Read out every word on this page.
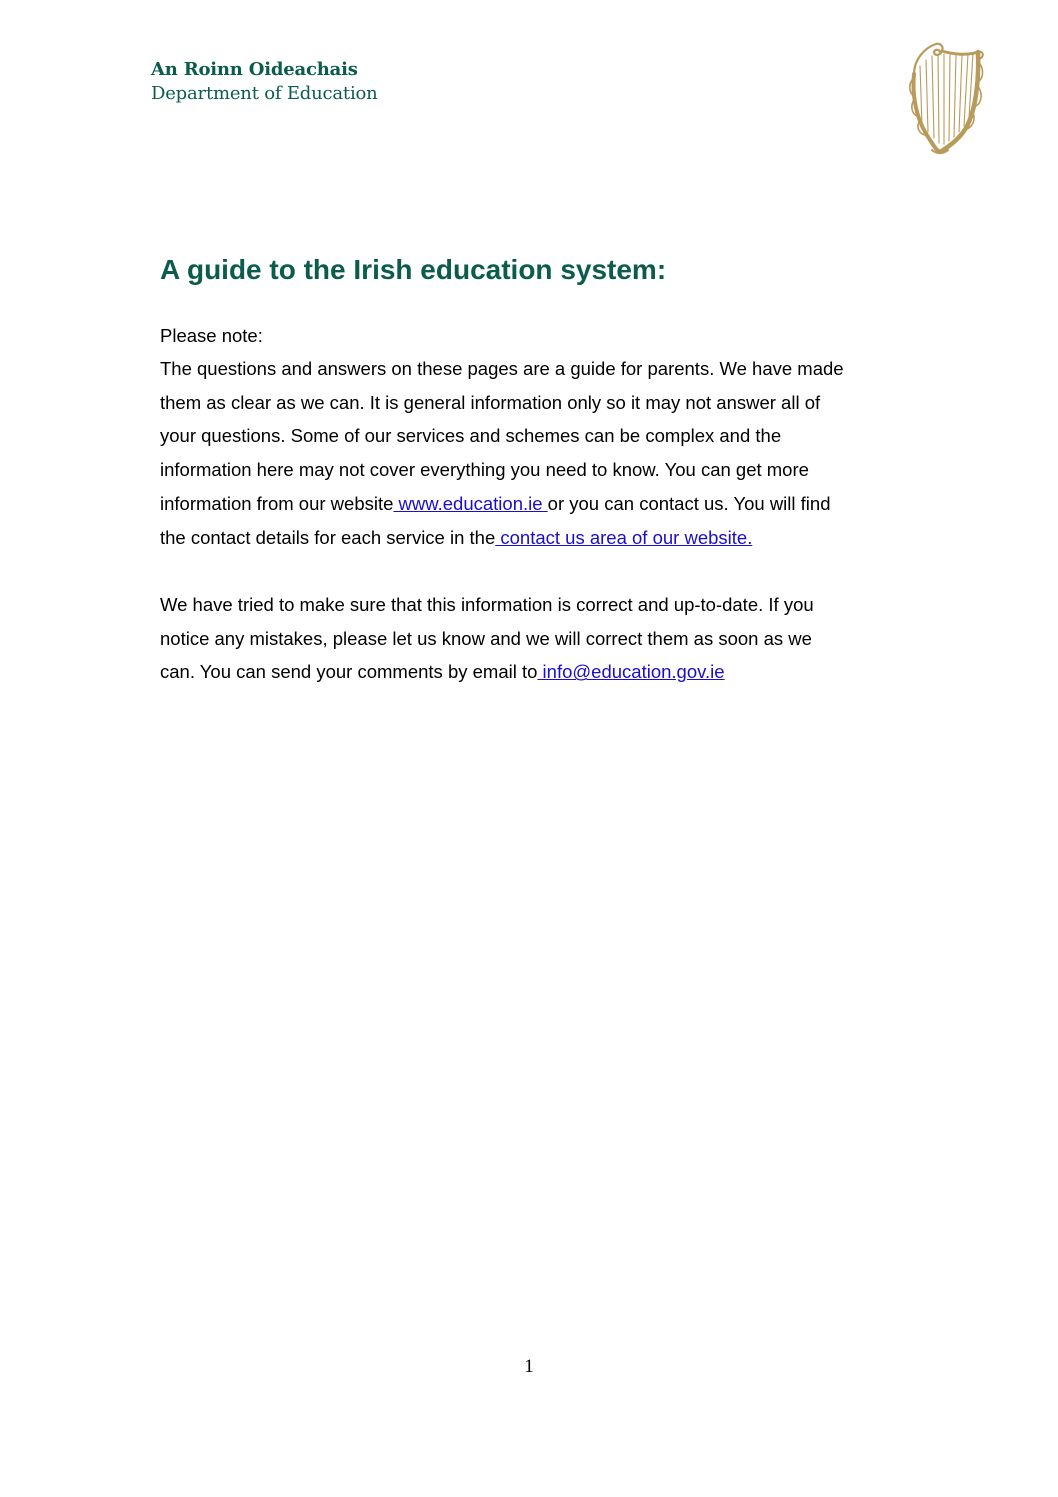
An Roinn Oideachais
Department of Education
A guide to the Irish education system:
Please note:
The questions and answers on these pages are a guide for parents. We have made
them as clear as we can. It is general information only so it may not answer all of
your questions. Some of our services and schemes can be complex and the
information here may not cover everything you need to know. You can get more
information from our website www.education.ie or you can contact us. You will find
the contact details for each service in the contact us area of our website.
We have tried to make sure that this information is correct and up-to-date. If you
notice any mistakes, please let us know and we will correct them as soon as we
can. You can send your comments by email to info@education.gov.ie
1
